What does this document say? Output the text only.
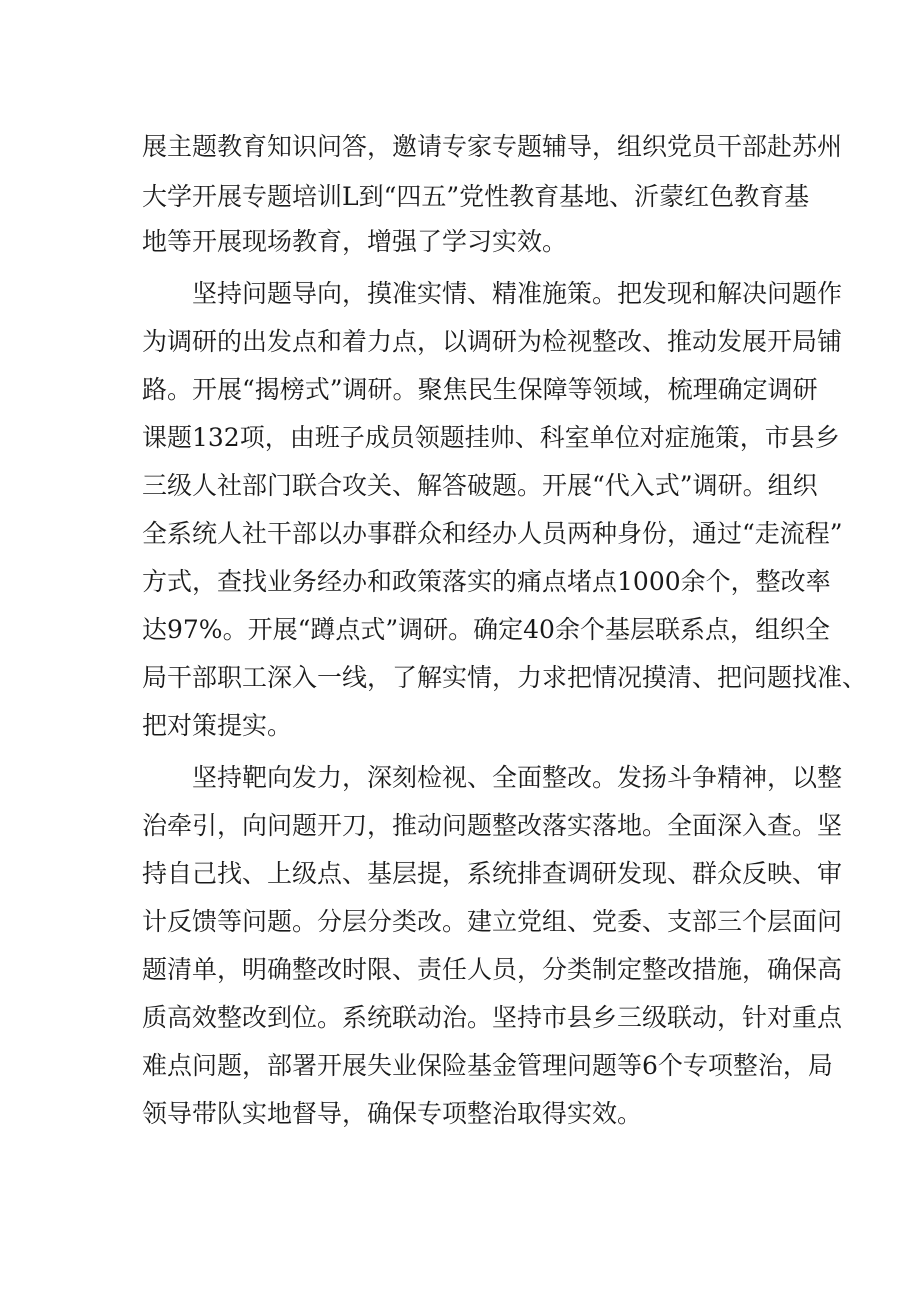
展主题教育知识问答，邀请专家专题辅导，组织党员干部赴苏州
大学开展专题培训L到“四五”党性教育基地、沂蒙红色教育基
地等开展现场教育，增强了学习实效。
坚持问题导向，摸准实情、精准施策。把发现和解决问题作
为调研的出发点和着力点，以调研为检视整改、推动发展开局铺
路。开展“揭榜式”调研。聚焦民生保障等领域，梳理确定调研
课题132项，由班子成员领题挂帅、科室单位对症施策，市县乡
三级人社部门联合攻关、解答破题。开展“代入式”调研。组织
全系统人社干部以办事群众和经办人员两种身份，通过“走流程”
方式，查找业务经办和政策落实的痛点堵点1000余个，整改率
达97%。开展“蹲点式”调研。确定40余个基层联系点，组织全
局干部职工深入一线，了解实情，力求把情况摸清、把问题找准、
把对策提实。
坚持靶向发力，深刻检视、全面整改。发扬斗争精神，以整
治牵引，向问题开刀，推动问题整改落实落地。全面深入查。坚
持自己找、上级点、基层提，系统排查调研发现、群众反映、审
计反馈等问题。分层分类改。建立党组、党委、支部三个层面问
题清单，明确整改时限、责任人员，分类制定整改措施，确保高
质高效整改到位。系统联动治。坚持市县乡三级联动，针对重点
难点问题，部署开展失业保险基金管理问题等6个专项整治，局
领导带队实地督导，确保专项整治取得实效。
